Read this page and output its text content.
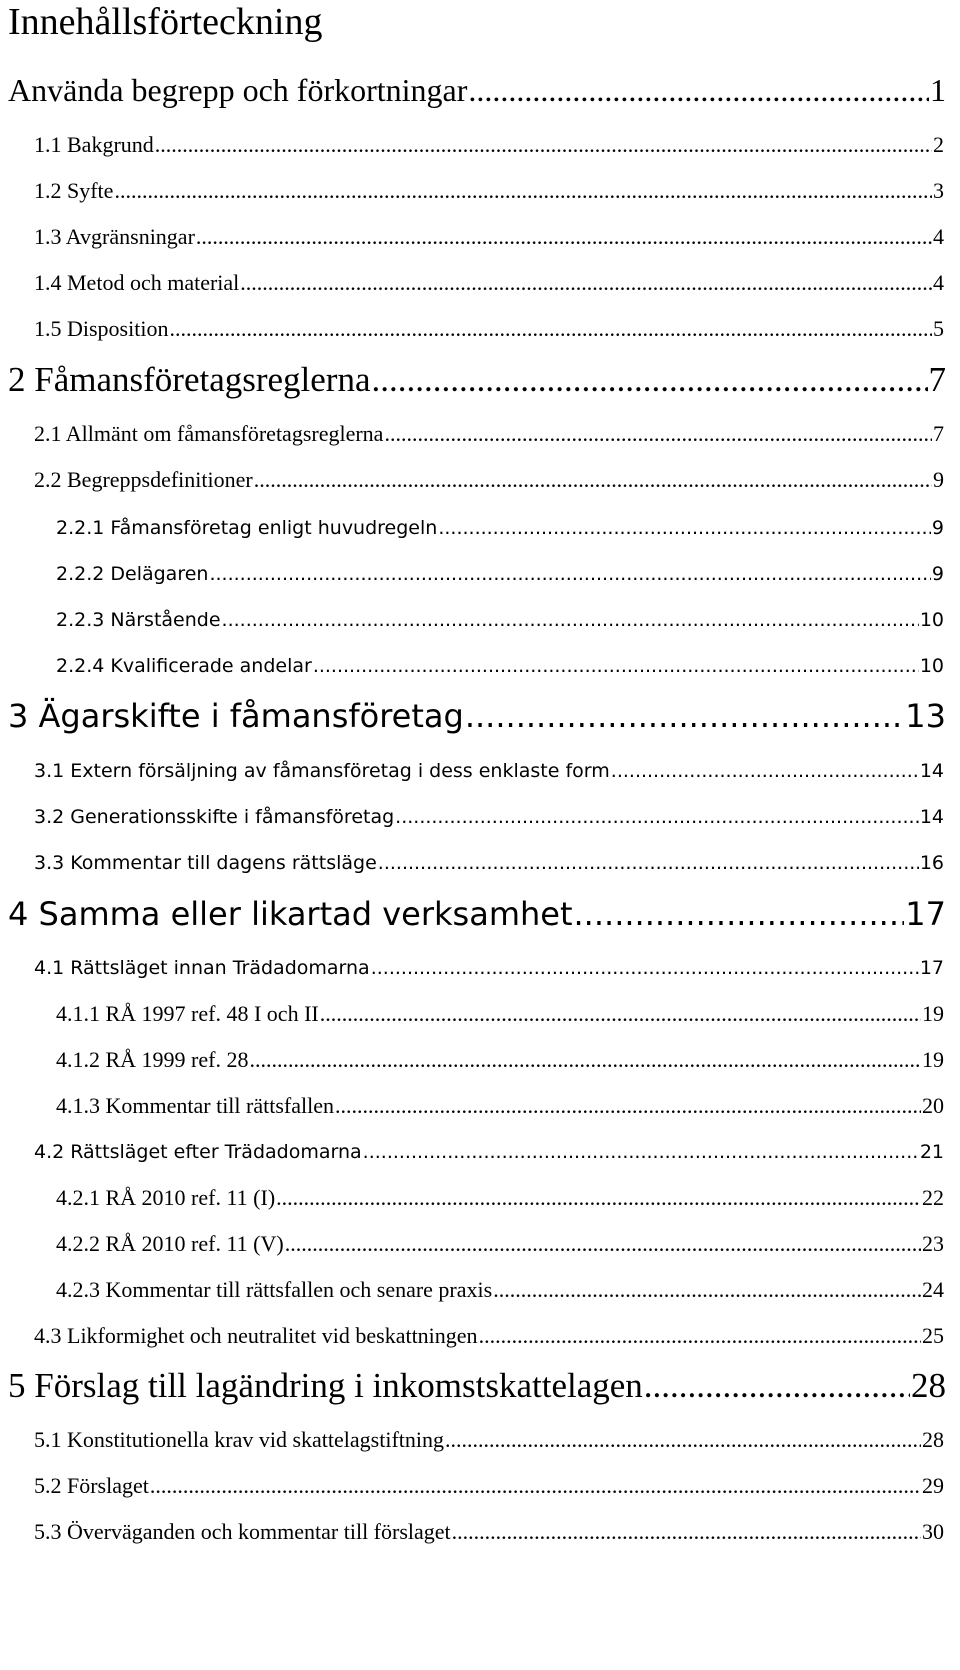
Innehållsförteckning
Använda begrepp och förkortningar .....	1
1.1 Bakgrund .....	2
1.2 Syfte .....	3
1.3 Avgränsningar .....	4
1.4 Metod och material .....	4
1.5 Disposition .....	5
2 Fåmansföretagsreglerna .....	7
2.1 Allmänt om fåmansföretagsreglerna .....	7
2.2 Begreppsdefinitioner .....	9
2.2.1 Fåmansföretag enligt huvudregeln .....	9
2.2.2 Delägaren .....	9
2.2.3 Närstående .....	10
2.2.4 Kvalificerade andelar .....	10
3 Ägarskifte i fåmansföretag .....	13
3.1 Extern försäljning av fåmansföretag i dess enklaste form .....	14
3.2 Generationsskifte i fåmansföretag .....	14
3.3 Kommentar till dagens rättsläge .....	16
4 Samma eller likartad verksamhet .....	17
4.1 Rättsläget innan Trädadomarna .....	17
4.1.1 RÅ 1997 ref. 48 I och II .....	19
4.1.2 RÅ 1999 ref. 28 .....	19
4.1.3 Kommentar till rättsfallen .....	20
4.2 Rättsläget efter Trädadomarna .....	21
4.2.1 RÅ 2010 ref. 11 (I) .....	22
4.2.2 RÅ 2010 ref. 11 (V) .....	23
4.2.3 Kommentar till rättsfallen och senare praxis .....	24
4.3 Likformighet och neutralitet vid beskattningen .....	25
5 Förslag till lagändring i inkomstskattelagen .....	28
5.1 Konstitutionella krav vid skattelagstiftning .....	28
5.2 Förslaget .....	29
5.3 Överväganden och kommentar till förslaget .....	30
